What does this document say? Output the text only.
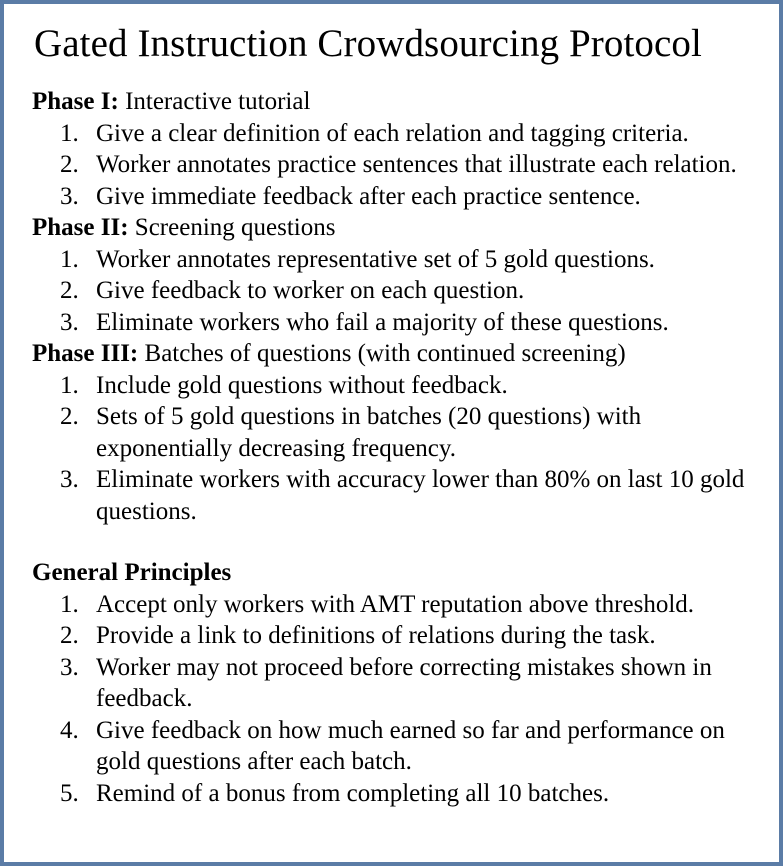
Gated Instruction Crowdsourcing Protocol
Phase I: Interactive tutorial
1. Give a clear definition of each relation and tagging criteria.
2. Worker annotates practice sentences that illustrate each relation.
3. Give immediate feedback after each practice sentence.
Phase II: Screening questions
1. Worker annotates representative set of 5 gold questions.
2. Give feedback to worker on each question.
3. Eliminate workers who fail a majority of these questions.
Phase III: Batches of questions (with continued screening)
1. Include gold questions without feedback.
2. Sets of 5 gold questions in batches (20 questions) with exponentially decreasing frequency.
3. Eliminate workers with accuracy lower than 80% on last 10 gold questions.
General Principles
1. Accept only workers with AMT reputation above threshold.
2. Provide a link to definitions of relations during the task.
3. Worker may not proceed before correcting mistakes shown in feedback.
4. Give feedback on how much earned so far and performance on gold questions after each batch.
5. Remind of a bonus from completing all 10 batches.
